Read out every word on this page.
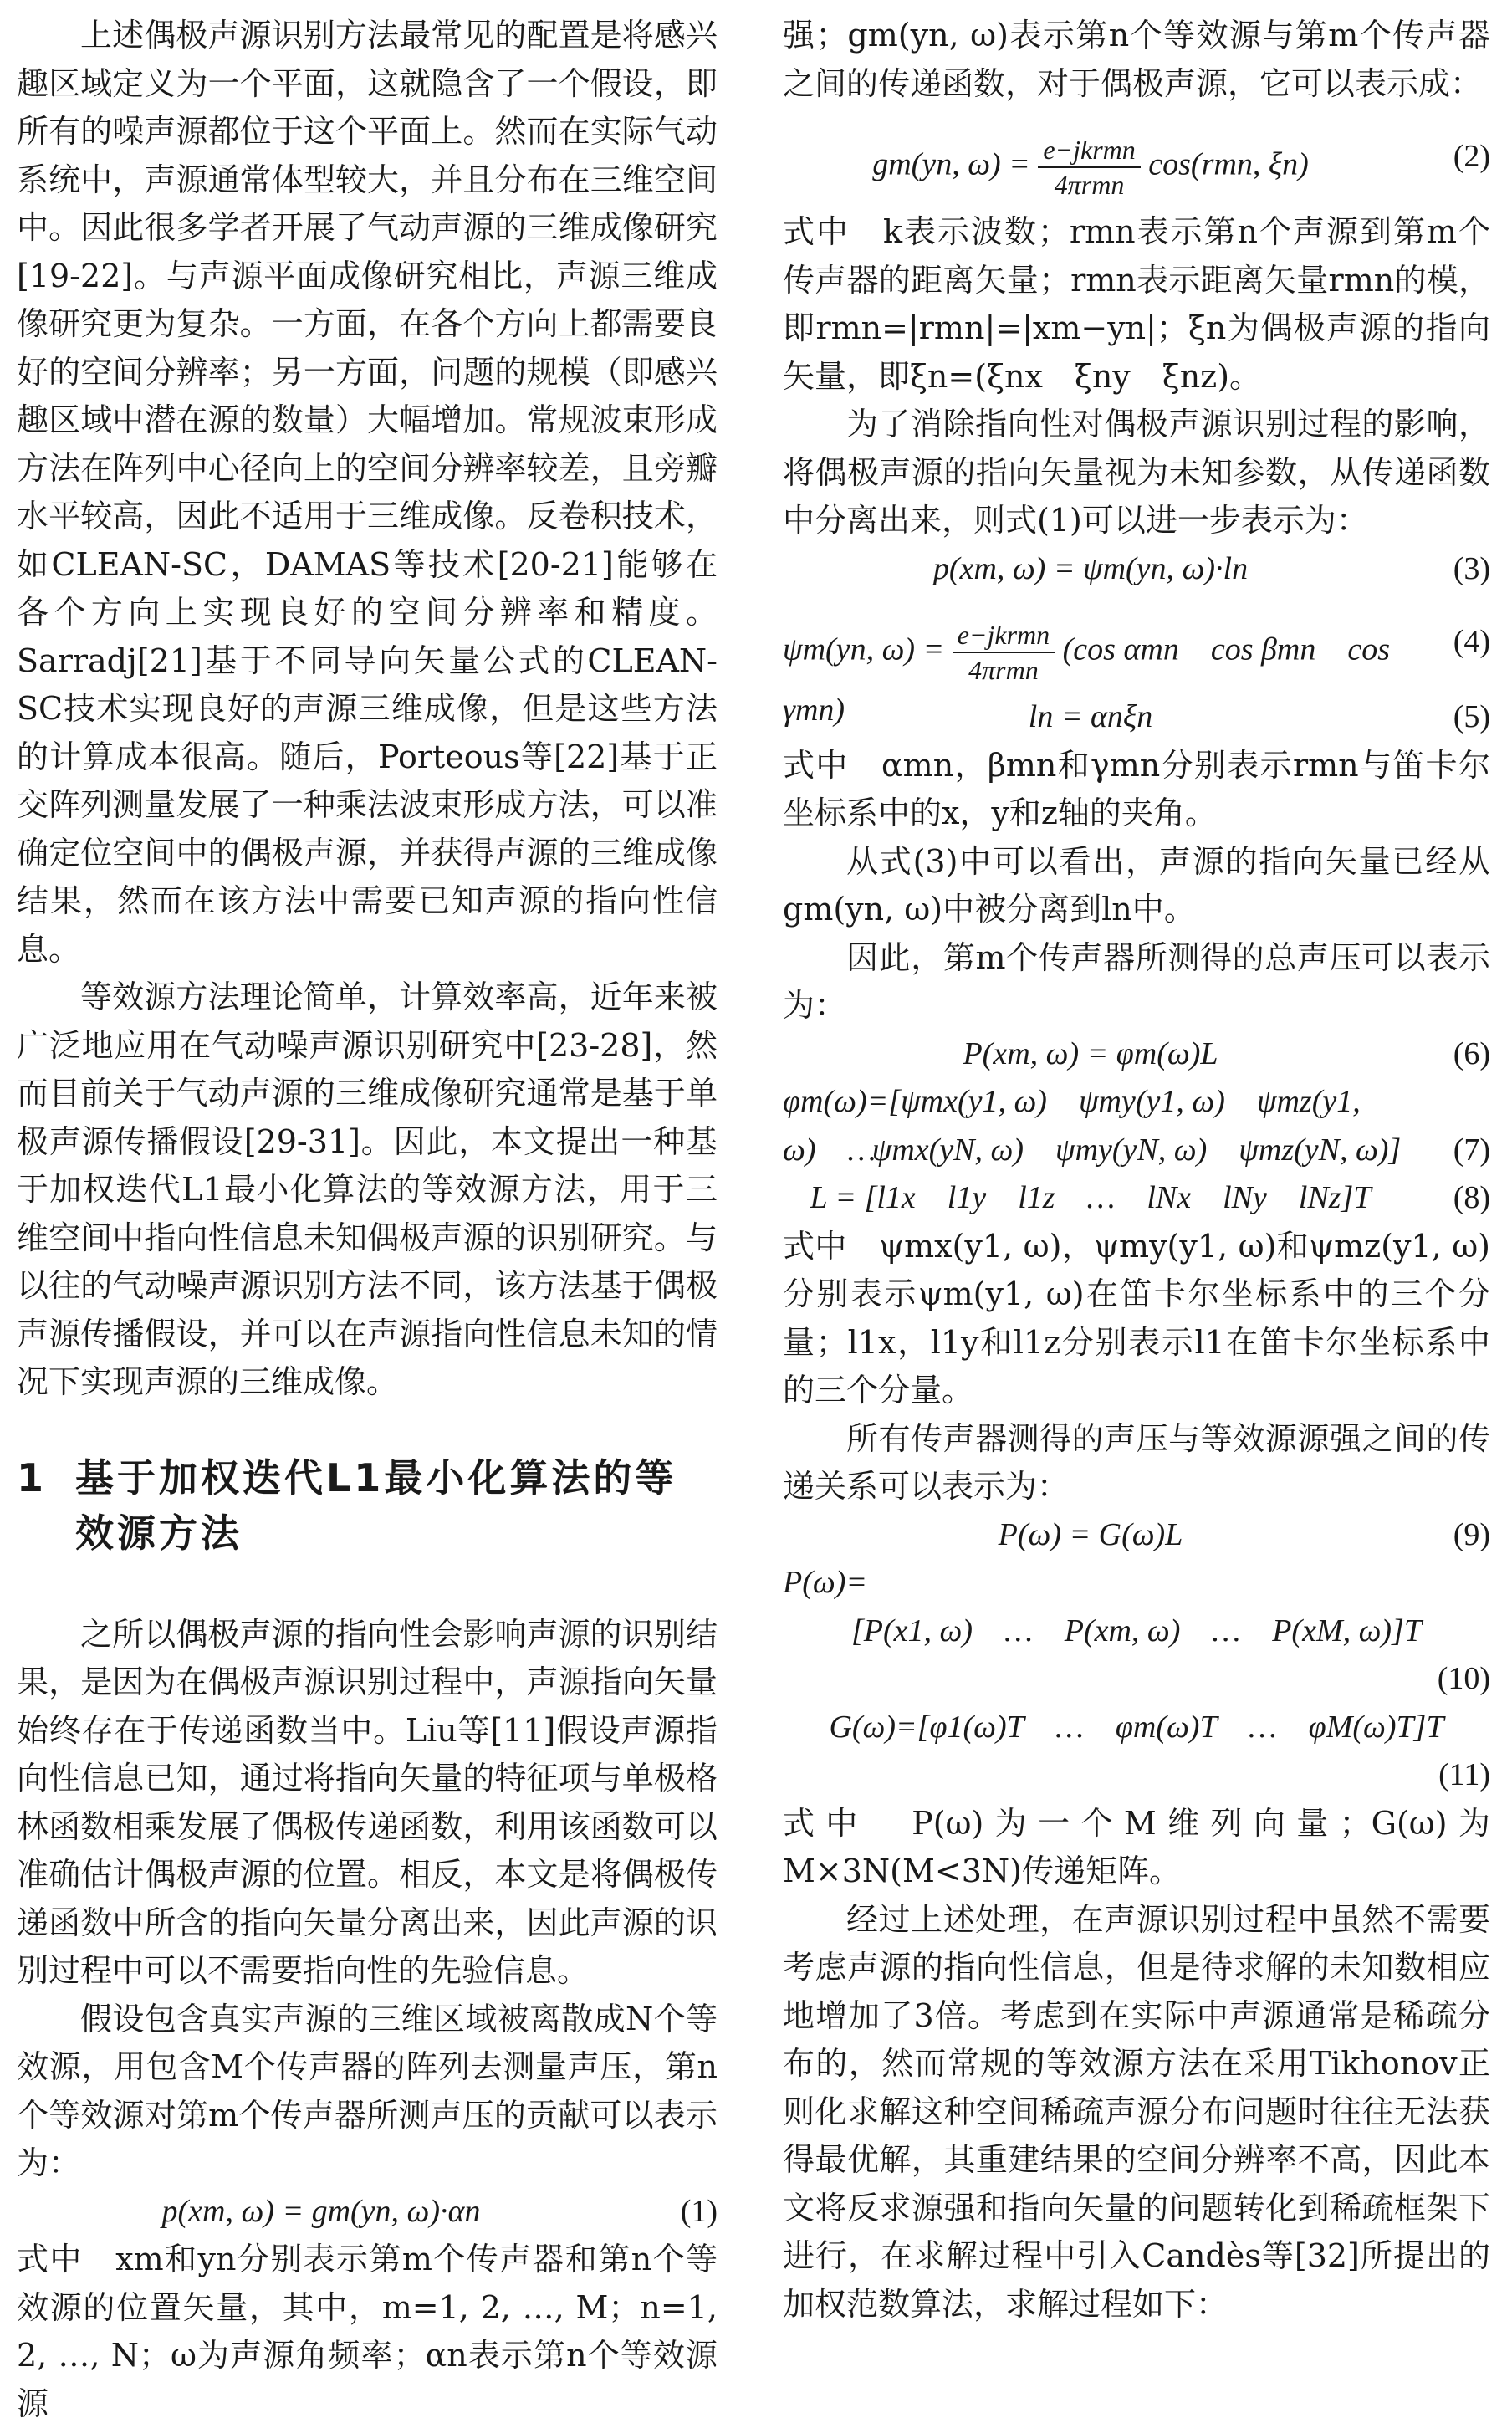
上述偶极声源识别方法最常见的配置是将感兴趣区域定义为一个平面，这就隐含了一个假设，即所有的噪声源都位于这个平面上。然而在实际气动系统中，声源通常体型较大，并且分布在三维空间中。因此很多学者开展了气动声源的三维成像研究[19-22]。与声源平面成像研究相比，声源三维成像研究更为复杂。一方面，在各个方向上都需要良好的空间分辨率；另一方面，问题的规模（即感兴趣区域中潜在源的数量）大幅增加。常规波束形成方法在阵列中心径向上的空间分辨率较差，且旁瓣水平较高，因此不适用于三维成像。反卷积技术，如CLEAN-SC，DAMAS等技术[20-21]能够在各个方向上实现良好的空间分辨率和精度。Sarradj[21]基于不同导向矢量公式的CLEAN-SC技术实现良好的声源三维成像，但是这些方法的计算成本很高。随后，Porteous等[22]基于正交阵列测量发展了一种乘法波束形成方法，可以准确定位空间中的偶极声源，并获得声源的三维成像结果，然而在该方法中需要已知声源的指向性信息。

等效源方法理论简单，计算效率高，近年来被广泛地应用在气动噪声源识别研究中[23-28]，然而目前关于气动声源的三维成像研究通常是基于单极声源传播假设[29-31]。因此，本文提出一种基于加权迭代L1最小化算法的等效源方法，用于三维空间中指向性信息未知偶极声源的识别研究。与以往的气动噪声源识别方法不同，该方法基于偶极声源传播假设，并可以在声源指向性信息未知的情况下实现声源的三维成像。

1 基于加权迭代L1最小化算法的等效源方法

之所以偶极声源的指向性会影响声源的识别结果，是因为在偶极声源识别过程中，声源指向矢量始终存在于传递函数当中。Liu等[11]假设声源指向性信息已知，通过将指向矢量的特征项与单极格林函数相乘发展了偶极传递函数，利用该函数可以准确估计偶极声源的位置。相反，本文是将偶极传递函数中所含的指向矢量分离出来，因此声源的识别过程中可以不需要指向性的先验信息。

假设包含真实声源的三维区域被离散成N个等效源，用包含M个传声器的阵列去测量声压，第n个等效源对第m个传声器所测声压的贡献可以表示为：

p(xm, ω) = gm(yn, ω)·αn	(1)

式中　xm和yn分别表示第m个传声器和第n个等效源的位置矢量，其中，m=1, 2, …, M；n=1, 2, …, N；ω为声源角频率；αn表示第n个等效源源

强；gm(yn, ω)表示第n个等效源与第m个传声器之间的传递函数，对于偶极声源，它可以表示成：

gm(yn, $\omega) = \frac{\text{e−jkrmn}}{\text{4πrmn}} \cos(rmn$, ξn)	(2)

式中　k表示波数；rmn表示第n个声源到第m个传声器的距离矢量；rmn表示距离矢量rmn的模，即rmn=|rmn|=|xm−yn|；ξn为偶极声源的指向矢量，即ξn=(ξnx　ξny　ξnz)。

为了消除指向性对偶极声源识别过程的影响，将偶极声源的指向矢量视为未知参数，从传递函数中分离出来，则式(1)可以进一步表示为：

p(xm, ω) = ψm(yn, ω)·ln	(3)
ψm(yn, $\omega) = \frac{\text{e−jkrmn}}{\text{4πrmn}} (\cos$ αmn　cos βmn　cos γmn)
(4)
ln = αnξn	(5)

式中　αmn，βmn和γmn分别表示rmn与笛卡尔坐标系中的x，y和z轴的夹角。

从式(3)中可以看出，声源的指向矢量已经从gm(yn, ω)中被分离到ln中。

因此，第m个传声器所测得的总声压可以表示为：

P(xm, ω) = φm(ω)L	(6)
φm(ω)=[ψmx(y1, ω)　ψmy(y1, ω)　ψmz(y1, ω)　…
ψmx(yN, ω)　ψmy(yN, ω)　ψmz(yN, ω)]	(7)
L = [l1x　l1y　l1z　…　lNx　lNy　lNz]T	(8)

式中　ψmx(y1, ω)，ψmy(y1, ω)和ψmz(y1, ω)分别表示ψm(y1, ω)在笛卡尔坐标系中的三个分量；l1x，l1y和l1z分别表示l1在笛卡尔坐标系中的三个分量。

所有传声器测得的声压与等效源源强之间的传递关系可以表示为：

P(ω) = G(ω)L	(9)
P(ω)=
[P(x1, ω)　…　P(xm, ω)　…　P(xM, ω)]T
(10)
G(ω)=[φ1(ω)T　…　φm(ω)T　…　φM(ω)T]T
(11)

式中　P(ω)为一个M维列向量；G(ω)为M×3N(M<3N)传递矩阵。

经过上述处理，在声源识别过程中虽然不需要考虑声源的指向性信息，但是待求解的未知数相应地增加了3倍。考虑到在实际中声源通常是稀疏分布的，然而常规的等效源方法在采用Tikhonov正则化求解这种空间稀疏声源分布问题时往往无法获得最优解，其重建结果的空间分辨率不高，因此本文将反求源强和指向矢量的问题转化到稀疏框架下进行，在求解过程中引入Candès等[32]所提出的加权范数算法，求解过程如下：
